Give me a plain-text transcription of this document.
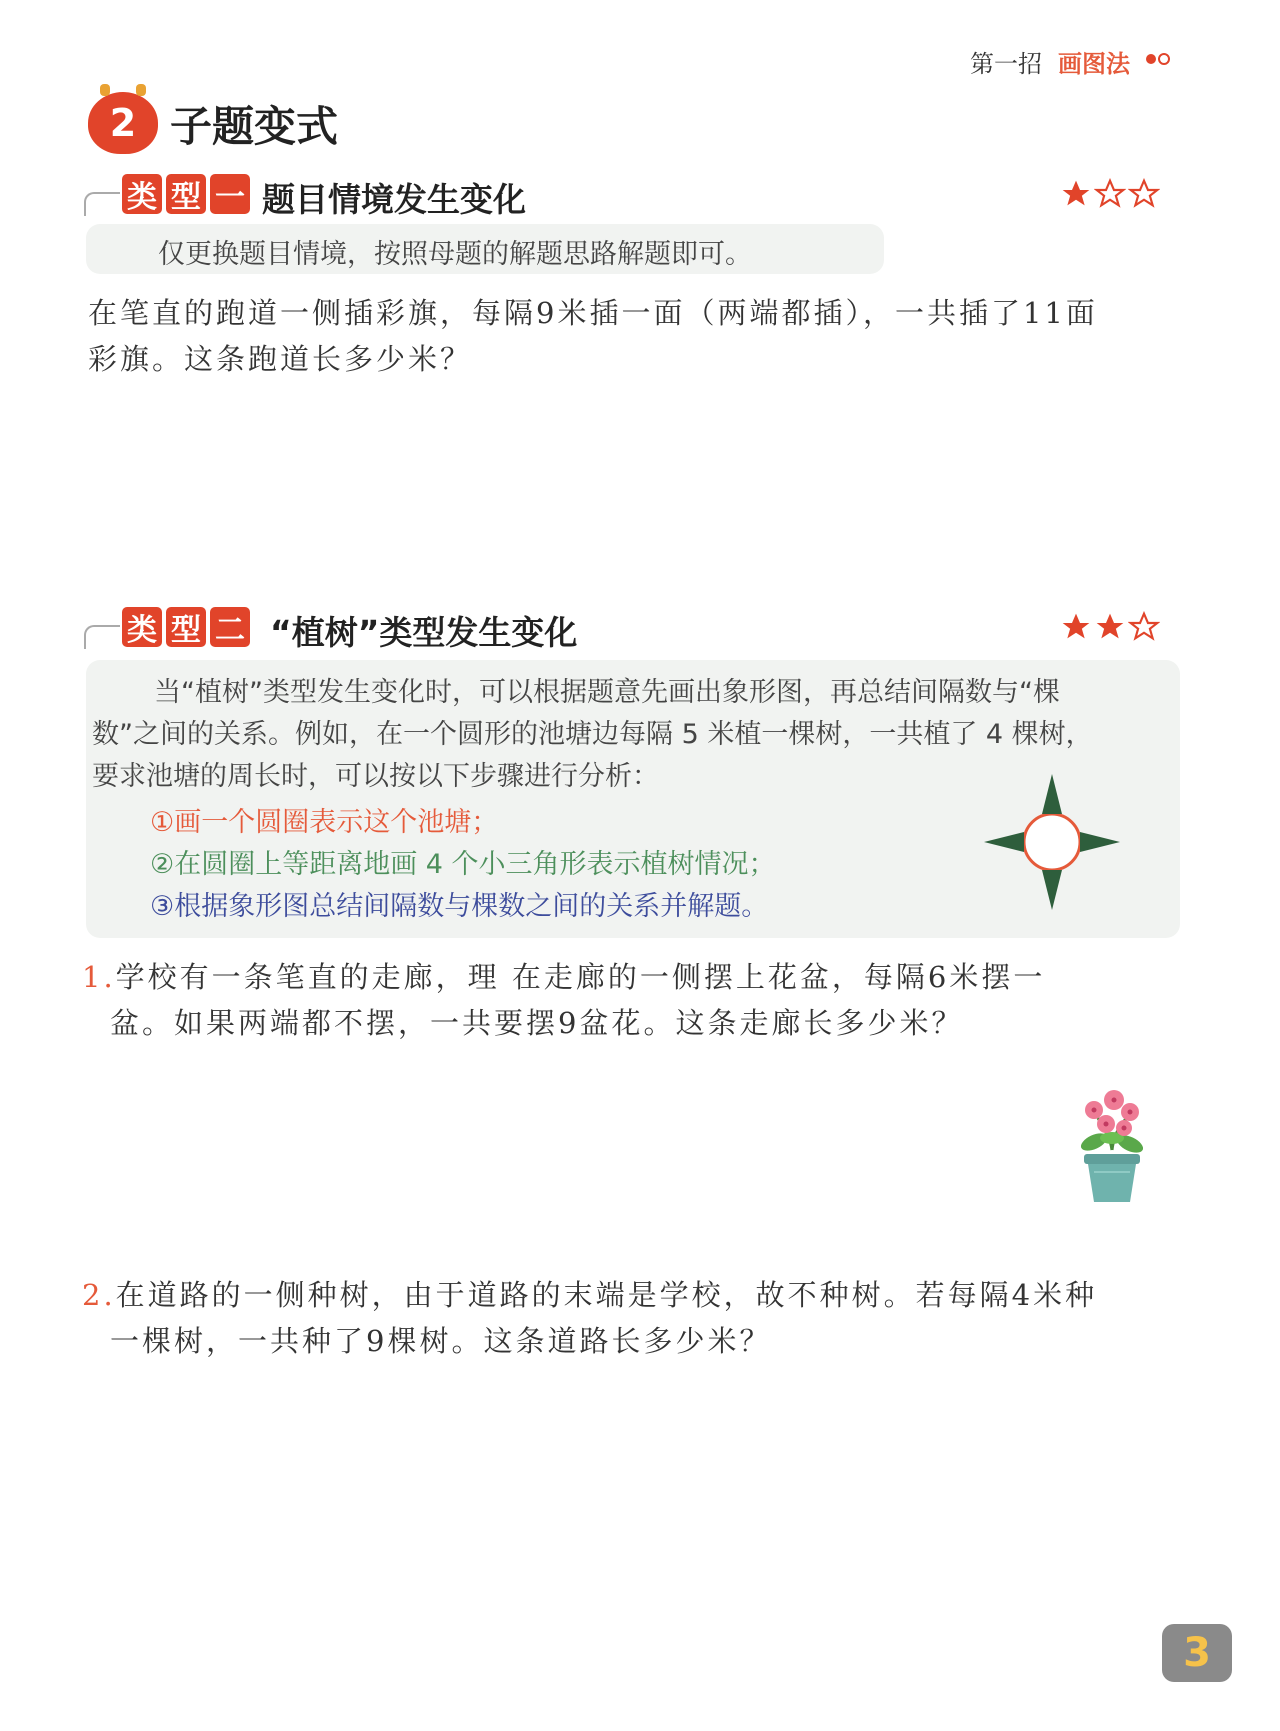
第一招 画图法
2 子题变式
类 型 一 题目情境发生变化
仅更换题目情境，按照母题的解题思路解题即可。
在笔直的跑道一侧插彩旗，每隔9米插一面（两端都插），一共插了11面
彩旗。这条跑道长多少米？
类 型 二 “植树”类型发生变化
当“植树”类型发生变化时，可以根据题意先画出象形图，再总结间隔数与“棵
数”之间的关系。例如，在一个圆形的池塘边每隔 5 米植一棵树，一共植了 4 棵树，
要求池塘的周长时，可以按以下步骤进行分析：
①画一个圆圈表示这个池塘；
②在圆圈上等距离地画 4 个小三角形表示植树情况；
③根据象形图总结间隔数与棵数之间的关系并解题。
1.学校有一条笔直的走廊，理 在走廊的一侧摆上花盆，每隔6米摆一
盆。如果两端都不摆，一共要摆9盆花。这条走廊长多少米？
2.在道路的一侧种树，由于道路的末端是学校，故不种树。若每隔4米种
一棵树，一共种了9棵树。这条道路长多少米？
3
